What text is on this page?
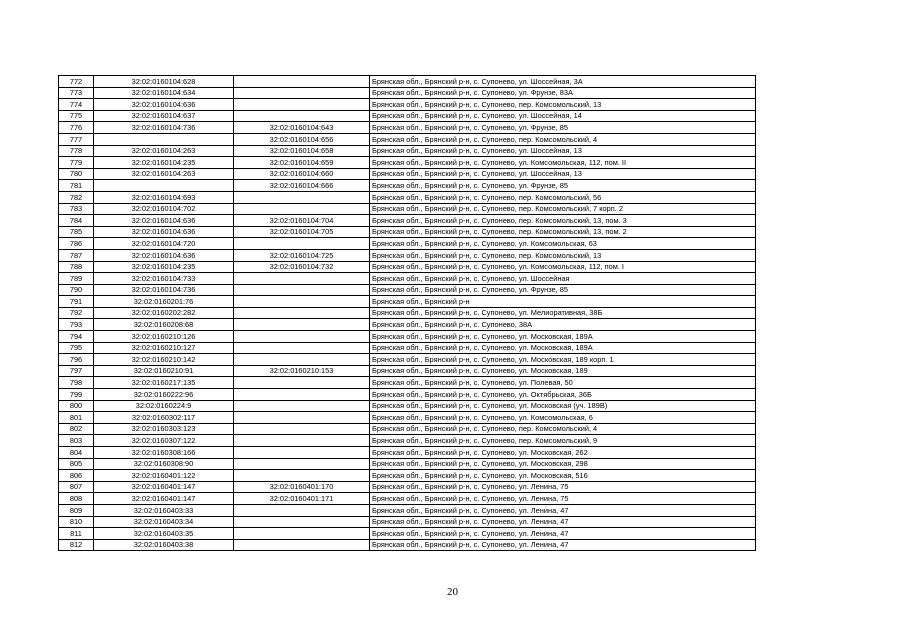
772	32:02:0160104:628		Брянская обл., Брянский р-н, с. Супонево, ул. Шоссейная, 3А
773	32:02:0160104:634		Брянская обл., Брянский р-н, с. Супонево, ул. Фрунзе, 83А
774	32:02:0160104:636		Брянская обл., Брянский р-н, с. Супонево, пер. Комсомольский, 13
775	32:02:0160104:637		Брянская обл., Брянский р-н, с. Супонево, ул. Шоссейная, 14
776	32:02:0160104:736	32:02:0160104:643	Брянская обл., Брянский р-н, с. Супонево, ул. Фрунзе, 85
777		32:02:0160104:656	Брянская обл., Брянский р-н, с. Супонево, пер. Комсомольский, 4
778	32:02:0160104:263	32:02:0160104:658	Брянская обл., Брянский р-н, с. Супонево, ул. Шоссейная, 13
779	32:02:0160104:235	32:02:0160104:659	Брянская обл., Брянский р-н, с. Супонево, ул. Комсомольская, 112, пом. II
780	32:02:0160104:263	32:02:0160104:660	Брянская обл., Брянский р-н, с. Супонево, ул. Шоссейная, 13
781		32:02:0160104:666	Брянская обл., Брянский р-н, с. Супонево, ул. Фрунзе, 85
782	32:02:0160104:693		Брянская обл., Брянский р-н, с. Супонево, пер. Комсомольский, 56
783	32:02:0160104:702		Брянская обл., Брянский р-н, с. Супонево, пер. Комсомольский, 7 корп. 2
784	32:02:0160104:636	32:02:0160104:704	Брянская обл., Брянский р-н, с. Супонево, пер. Комсомольский, 13, пом. 3
785	32:02:0160104:636	32:02:0160104:705	Брянская обл., Брянский р-н, с. Супонево, пер. Комсомольский, 13, пом. 2
786	32:02:0160104:720		Брянская обл., Брянский р-н, с. Супонево, ул. Комсомольская, 63
787	32:02:0160104:636	32:02:0160104:725	Брянская обл., Брянский р-н, с. Супонево, пер. Комсомольский, 13
788	32:02:0160104:235	32:02:0160104:732	Брянская обл., Брянский р-н, с. Супонево, ул. Комсомольская, 112, пом. I
789	32:02:0160104:733		Брянская обл., Брянский р-н, с. Супонево, ул. Шоссейная
790	32:02:0160104:736		Брянская обл., Брянский р-н, с. Супонево, ул. Фрунзе, 85
791	32:02:0160201:76		Брянская обл., Брянский р-н
792	32:02:0160202:282		Брянская обл., Брянский р-н, с. Супонево, ул. Мелиоративная, 38Б
793	32:02:0160208:68		Брянская обл., Брянский р-н, с. Супонево, 38А
794	32:02:0160210:126		Брянская обл., Брянский р-н, с. Супонево, ул. Московская, 189А
795	32:02:0160210:127		Брянская обл., Брянский р-н, с. Супонево, ул. Московская, 189А
796	32:02:0160210:142		Брянская обл., Брянский р-н, с. Супонево, ул. Московская, 189 корп. 1
797	32:02:0160210:91	32:02:0160210:153	Брянская обл., Брянский р-н, с. Супонево, ул. Московская, 189
798	32:02:0160217:135		Брянская обл., Брянский р-н, с. Супонево, ул. Полевая, 50
799	32:02:0160222:96		Брянская обл., Брянский р-н, с. Супонево, ул. Октябрьская, 36Б
800	32:02:0160224:9		Брянская обл., Брянский р-н, с. Супонево, ул. Московская (уч. 189В)
801	32:02:0160302:117		Брянская обл., Брянский р-н, с. Супонево, ул. Комсомольская, 6
802	32:02:0160303:123		Брянская обл., Брянский р-н, с. Супонево, пер. Комсомольский, 4
803	32:02:0160307:122		Брянская обл., Брянский р-н, с. Супонево, пер. Комсомольский, 9
804	32:02:0160308:166		Брянская обл., Брянский р-н, с. Супонево, ул. Московская, 262
805	32:02:0160308:90		Брянская обл., Брянский р-н, с. Супонево, ул. Московская, 298
806	32:02:0160401:122		Брянская обл., Брянский р-н, с. Супонево, ул. Московская, 516
807	32:02:0160401:147	32:02:0160401:170	Брянская обл., Брянский р-н, с. Супонево, ул. Ленина, 75
808	32:02:0160401:147	32:02:0160401:171	Брянская обл., Брянский р-н, с. Супонево, ул. Ленина, 75
809	32:02:0160403:33		Брянская обл., Брянский р-н, с. Супонево, ул. Ленина, 47
810	32:02:0160403:34		Брянская обл., Брянский р-н, с. Супонево, ул. Ленина, 47
811	32:02:0160403:35		Брянская обл., Брянский р-н, с. Супонево, ул. Ленина, 47
812	32:02:0160403:38		Брянская обл., Брянский р-н, с. Супонево, ул. Ленина, 47
20
